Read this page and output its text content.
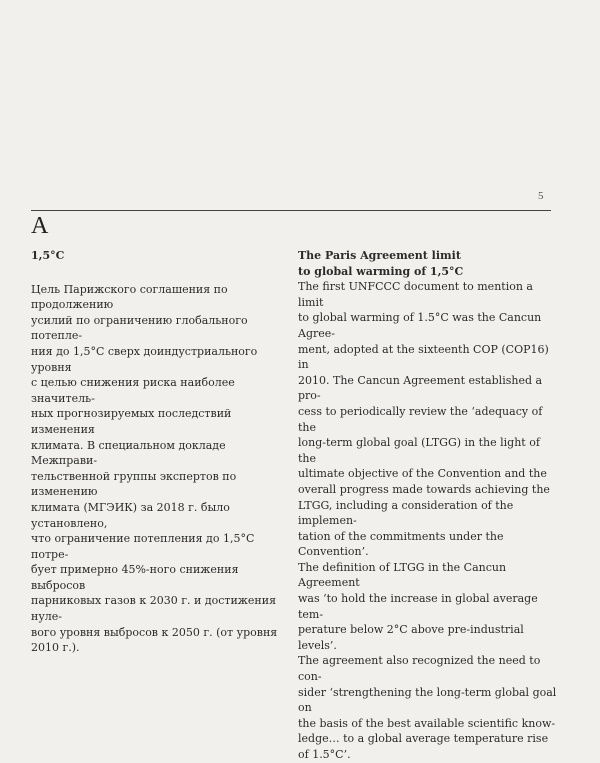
5
A

1,5°C

Цель Парижского соглашения по продолжению
усилий по ограничению глобального потепле-
ния до 1,5°C сверх доиндустриального уровня
с целью снижения риска наиболее значитель-
ных прогнозируемых последствий изменения
климата. В специальном докладе Межправи-
тельственной группы экспертов по изменению
климата (МГЭИК) за 2018 г. было установлено,
что ограничение потепления до 1,5°C потре-
бует примерно 45%-ного снижения выбросов
парниковых газов к 2030 г. и достижения нуле-
вого уровня выбросов к 2050 г. (от уровня
2010 г.).

The Paris Agreement limit
to global warming of 1,5°C

The first UNFCCC document to mention a limit
to global warming of 1.5°C was the Cancun Agree-
ment, adopted at the sixteenth COP (COP16) in
2010. The Cancun Agreement established a pro-
cess to periodically review the ‘adequacy of the
long-term global goal (LTGG) in the light of the
ultimate objective of the Convention and the
overall progress made towards achieving the
LTGG, including a consideration of the implemen-
tation of the commitments under the Convention’.
The definition of LTGG in the Cancun Agreement
was ‘to hold the increase in global average tem-
perature below 2°C above pre-industrial levels’.
The agreement also recognized the need to con-
sider ‘strengthening the long-term global goal on
the basis of the best available scientific know-
ledge… to a global average temperature rise
of 1.5°C’.
